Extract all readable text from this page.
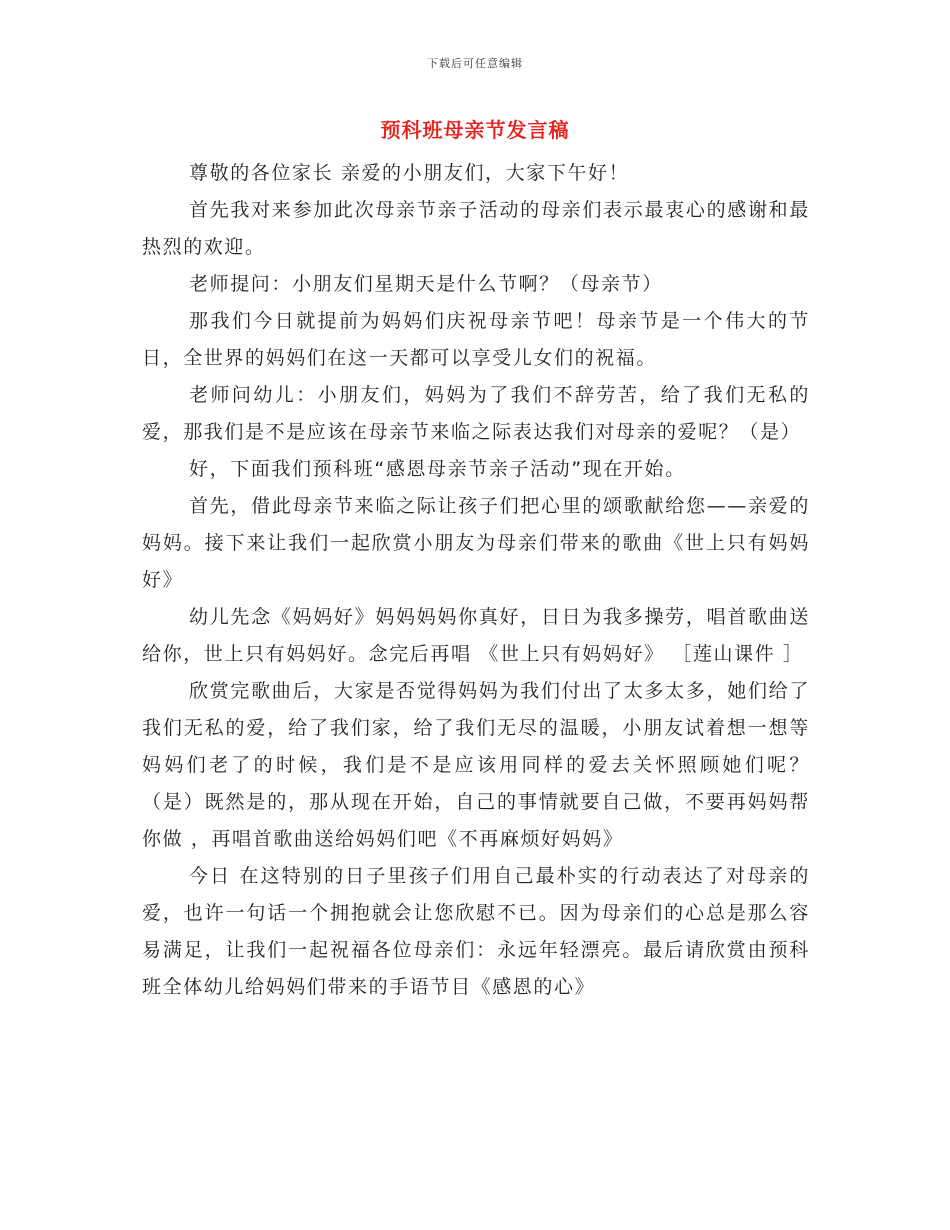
下载后可任意编辑
预科班母亲节发言稿

尊敬的各位家长 亲爱的小朋友们，大家下午好！

首先我对来参加此次母亲节亲子活动的母亲们表示最衷心的感谢和最热烈的欢迎。

老师提问：小朋友们星期天是什么节啊？（母亲节）

那我们今日就提前为妈妈们庆祝母亲节吧！母亲节是一个伟大的节日，全世界的妈妈们在这一天都可以享受儿女们的祝福。

老师问幼儿：小朋友们，妈妈为了我们不辞劳苦，给了我们无私的爱，那我们是不是应该在母亲节来临之际表达我们对母亲的爱呢？（是）

好，下面我们预科班“感恩母亲节亲子活动”现在开始。

首先，借此母亲节来临之际让孩子们把心里的颂歌献给您——亲爱的妈妈。接下来让我们一起欣赏小朋友为母亲们带来的歌曲《世上只有妈妈好》

幼儿先念《妈妈好》妈妈妈妈你真好，日日为我多操劳，唱首歌曲送给你，世上只有妈妈好。念完后再唱 《世上只有妈妈好》 ［莲山课件 ］

欣赏完歌曲后，大家是否觉得妈妈为我们付出了太多太多，她们给了我们无私的爱，给了我们家，给了我们无尽的温暖，小朋友试着想一想等妈妈们老了的时候，我们是不是应该用同样的爱去关怀照顾她们呢？（是）既然是的，那从现在开始，自己的事情就要自己做，不要再妈妈帮你做 ，再唱首歌曲送给妈妈们吧《不再麻烦好妈妈》

今日 在这特别的日子里孩子们用自己最朴实的行动表达了对母亲的爱，也许一句话一个拥抱就会让您欣慰不已。因为母亲们的心总是那么容易满足，让我们一起祝福各位母亲们：永远年轻漂亮。最后请欣赏由预科班全体幼儿给妈妈们带来的手语节目《感恩的心》
